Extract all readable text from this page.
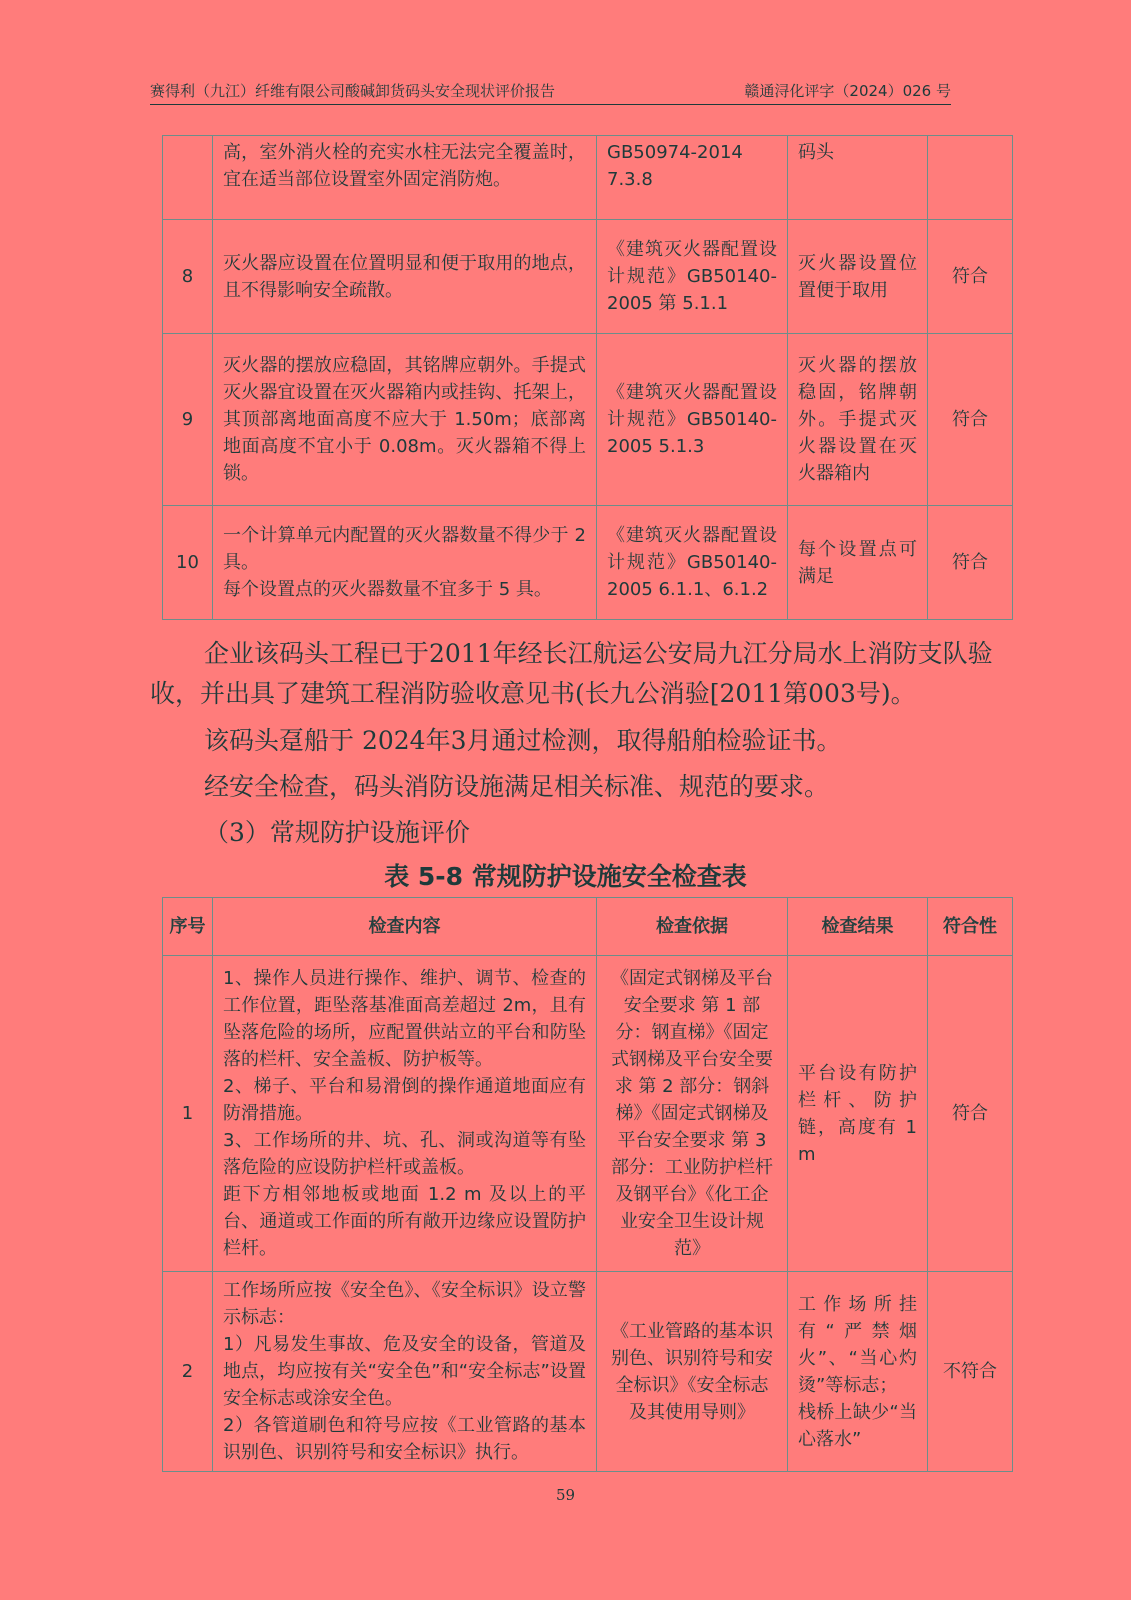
赛得利（九江）纤维有限公司酸碱卸货码头安全现状评价报告	赣通浔化评字（2024）026 号
	高，室外消火栓的充实水柱无法完全覆盖时，宜在适当部位设置室外固定消防炮。	GB50974-2014 7.3.8	码头	
8	灭火器应设置在位置明显和便于取用的地点，且不得影响安全疏散。	《建筑灭火器配置设计规范》GB50140-2005 第 5.1.1	灭火器设置位置便于取用	符合
9	灭火器的摆放应稳固，其铭牌应朝外。手提式灭火器宜设置在灭火器箱内或挂钩、托架上，其顶部离地面高度不应大于 1.50m；底部离地面高度不宜小于 0.08m。灭火器箱不得上锁。	《建筑灭火器配置设计规范》GB50140-2005 5.1.3	灭火器的摆放稳固，铭牌朝外。手提式灭火器设置在灭火器箱内	符合
10	一个计算单元内配置的灭火器数量不得少于 2 具。
每个设置点的灭火器数量不宜多于 5 具。	《建筑灭火器配置设计规范》GB50140-2005 6.1.1、6.1.2	每个设置点可满足	符合
企业该码头工程已于2011年经长江航运公安局九江分局水上消防支队验收，并出具了建筑工程消防验收意见书(长九公消验[2011第003号)。
该码头趸船于 2024年3月通过检测，取得船舶检验证书。
经安全检查，码头消防设施满足相关标准、规范的要求。
（3）常规防护设施评价
表 5-8 常规防护设施安全检查表
序号	检查内容	检查依据	检查结果	符合性
1	1、操作人员进行操作、维护、调节、检查的工作位置，距坠落基准面高差超过 2m，且有坠落危险的场所，应配置供站立的平台和防坠落的栏杆、安全盖板、防护板等。
2、梯子、平台和易滑倒的操作通道地面应有防滑措施。
3、工作场所的井、坑、孔、洞或沟道等有坠落危险的应设防护栏杆或盖板。
距下方相邻地板或地面 1.2 m 及以上的平台、通道或工作面的所有敞开边缘应设置防护栏杆。	《固定式钢梯及平台安全要求 第 1 部分：钢直梯》《固定式钢梯及平台安全要求 第 2 部分：钢斜梯》《固定式钢梯及平台安全要求 第 3 部分：工业防护栏杆及钢平台》《化工企业安全卫生设计规范》	平台设有防护栏杆、防护链，高度有 1 m	符合
2	工作场所应按《安全色》、《安全标识》设立警示标志：
1）凡易发生事故、危及安全的设备，管道及地点，均应按有关“安全色”和“安全标志”设置安全标志或涂安全色。
2）各管道刷色和符号应按《工业管路的基本识别色、识别符号和安全标识》执行。	《工业管路的基本识别色、识别符号和安全标识》《安全标志及其使用导则》	工作场所挂有“严禁烟火”、“当心灼烫”等标志；
栈桥上缺少“当心落水”	不符合
59
